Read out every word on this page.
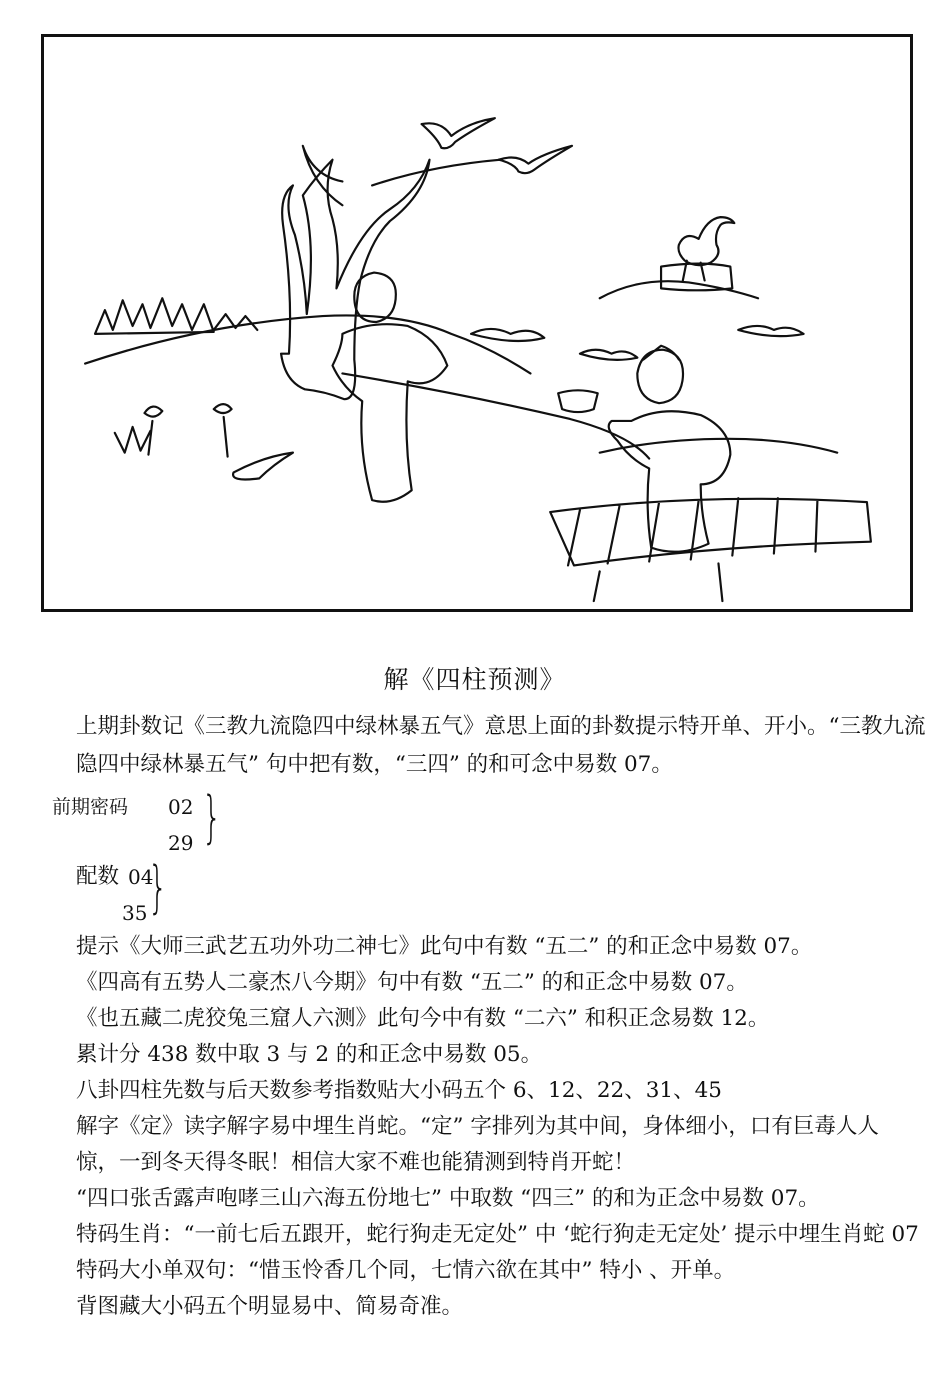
解《四柱预测》
上期卦数记《三教九流隐四中绿林暴五气》意思上面的卦数提示特开单、开小。“三教九流
隐四中绿林暴五气” 句中把有数，“三四” 的和可念中易数 07。
前期密码 02
29 }
配数 04
35 }
提示《大师三武艺五功外功二神七》此句中有数 “五二” 的和正念中易数 07。
《四高有五势人二豪杰八今期》句中有数 “五二” 的和正念中易数 07。
《也五藏二虎狡兔三窟人六测》此句今中有数 “二六” 和积正念易数 12。
累计分 438 数中取 3 与 2 的和正念中易数 05。
八卦四柱先数与后天数参考指数贴大小码五个 6、12、22、31、45
解字《定》读字解字易中埋生肖蛇。“定” 字排列为其中间，身体细小，口有巨毒人人
惊，一到冬天得冬眠！相信大家不难也能猜测到特肖开蛇！
“四口张舌露声咆哮三山六海五份地七” 中取数 “四三” 的和为正念中易数 07。
特码生肖：“一前七后五跟开，蛇行狗走无定处” 中 ‘蛇行狗走无定处’ 提示中埋生肖蛇 07
特码大小单双句：“惜玉怜香几个同，七情六欲在其中” 特小 、开单。
背图藏大小码五个明显易中、简易奇准。
